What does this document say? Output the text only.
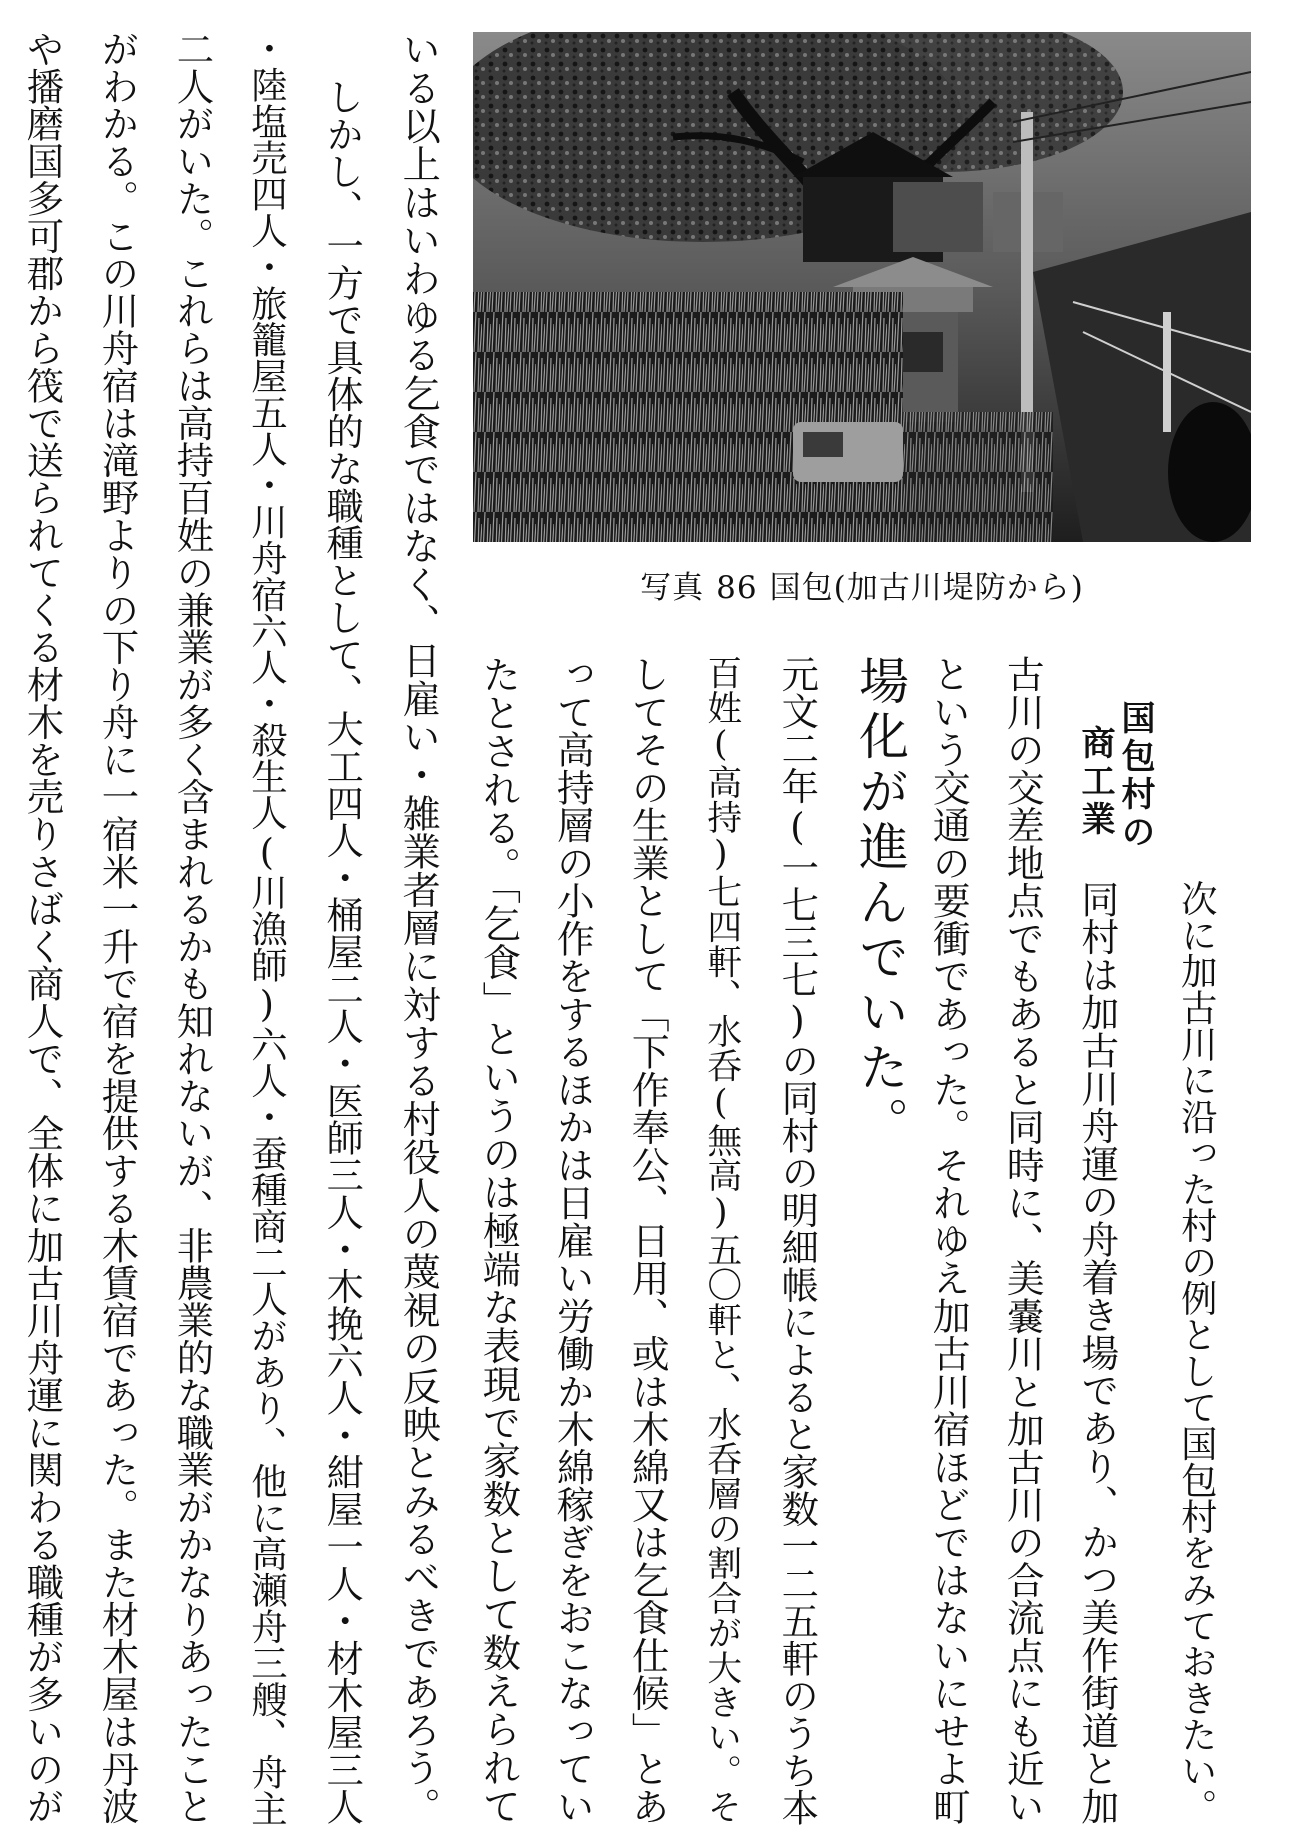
写真 86 国包(加古川堤防から)
国包村の
商工業
次に加古川に沿った村の例として国包村をみておきたい。
同村は加古川舟運の舟着き場であり、かつ美作街道と加
古川の交差地点でもあると同時に、美嚢川と加古川の合流点にも近い
という交通の要衝であった。それゆえ加古川宿ほどではないにせよ町
場化が進んでいた。
元文二年(一七三七)の同村の明細帳によると家数一二五軒のうち本
百姓(高持)七四軒、水呑(無高)五〇軒と、水呑層の割合が大きい。そ
してその生業として「下作奉公、日用、或は木綿又は乞食仕候」とあ
って高持層の小作をするほかは日雇い労働か木綿稼ぎをおこなってい
たとされる。「乞食」というのは極端な表現で家数として数えられて
いる以上はいわゆる乞食ではなく、日雇い・雑業者層に対する村役人の蔑視の反映とみるべきであろう。
しかし、一方で具体的な職種として、大工四人・桶屋二人・医師三人・木挽六人・紺屋一人・材木屋三人
・陸塩売四人・旅籠屋五人・川舟宿六人・殺生人(川漁師)六人・蚕種商二人があり、他に高瀬舟三艘、舟主
二人がいた。これらは高持百姓の兼業が多く含まれるかも知れないが、非農業的な職業がかなりあったこと
がわかる。この川舟宿は滝野よりの下り舟に一宿米一升で宿を提供する木賃宿であった。また材木屋は丹波
や播磨国多可郡から筏で送られてくる材木を売りさばく商人で、全体に加古川舟運に関わる職種が多いのが
